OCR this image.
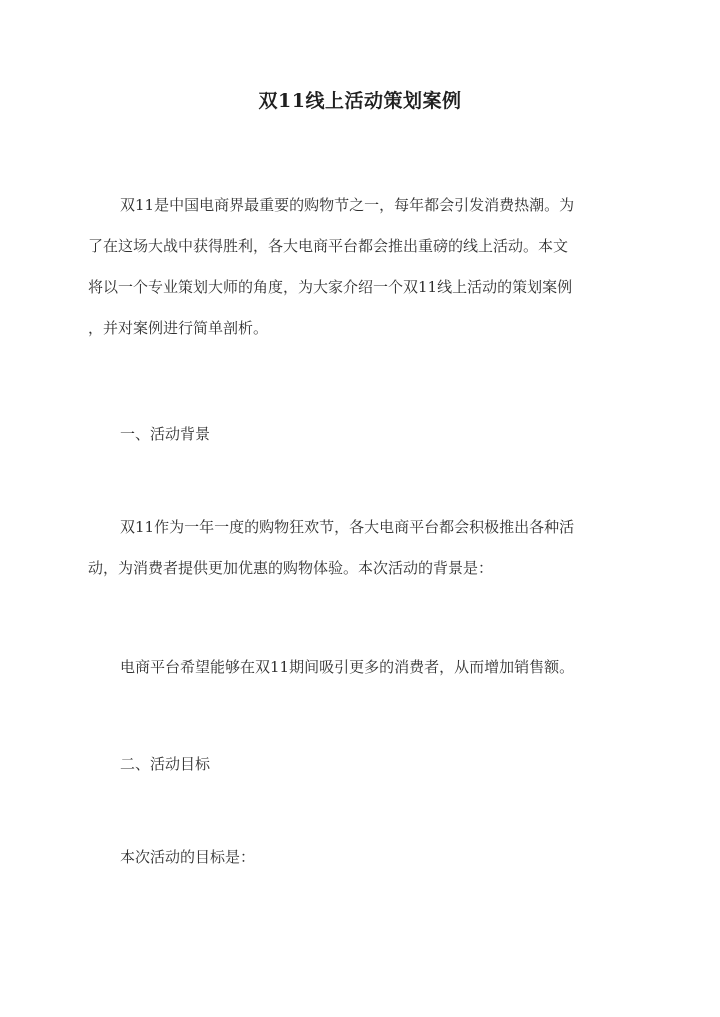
双11线上活动策划案例
双11是中国电商界最重要的购物节之一，每年都会引发消费热潮。为
了在这场大战中获得胜利，各大电商平台都会推出重磅的线上活动。本文
将以一个专业策划大师的角度，为大家介绍一个双11线上活动的策划案例
，并对案例进行简单剖析。
一、活动背景
双11作为一年一度的购物狂欢节，各大电商平台都会积极推出各种活
动，为消费者提供更加优惠的购物体验。本次活动的背景是：
电商平台希望能够在双11期间吸引更多的消费者，从而增加销售额。
二、活动目标
本次活动的目标是：
